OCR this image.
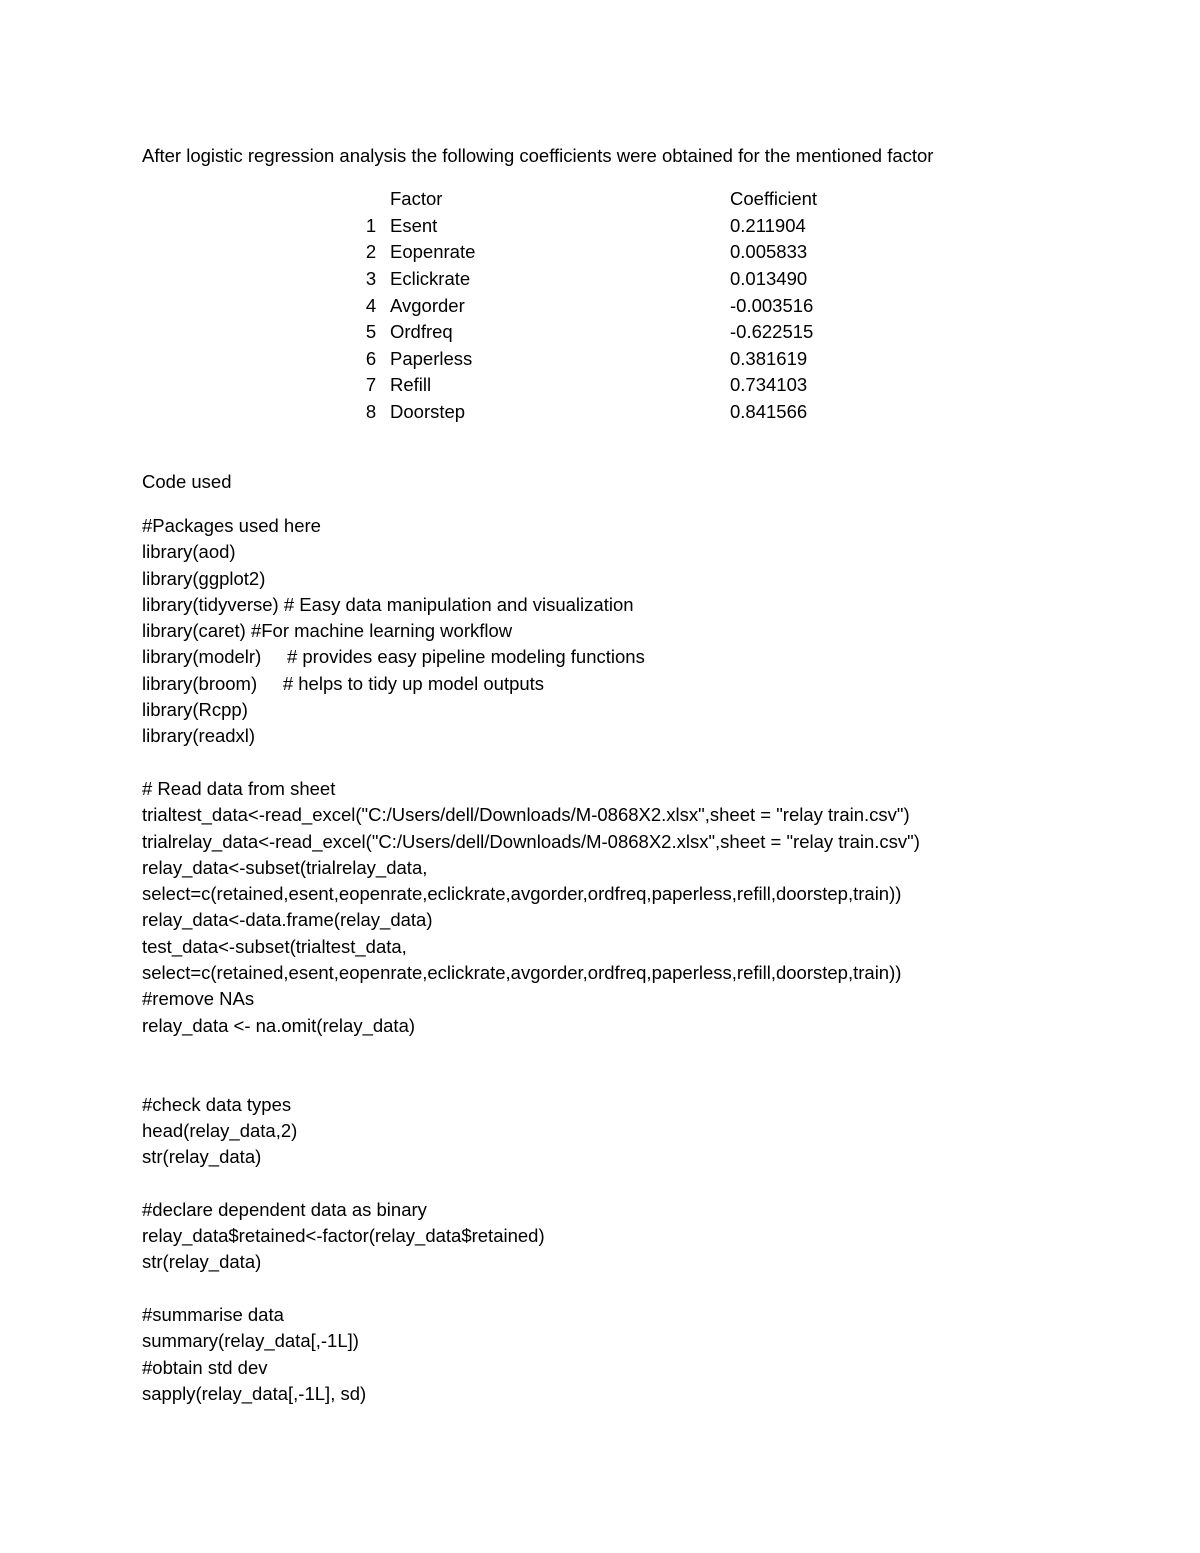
After logistic regression analysis the following coefficients were obtained for the mentioned factor
	Factor	Coefficient
1	Esent	0.211904
2	Eopenrate	0.005833
3	Eclickrate	0.013490
4	Avgorder	-0.003516
5	Ordfreq	-0.622515
6	Paperless	0.381619
7	Refill	0.734103
8	Doorstep	0.841566
Code used
#Packages used here
library(aod)
library(ggplot2)
library(tidyverse) # Easy data manipulation and visualization
library(caret) #For machine learning workflow
library(modelr)     # provides easy pipeline modeling functions
library(broom)     # helps to tidy up model outputs
library(Rcpp)
library(readxl)
# Read data from sheet
trialtest_data<-read_excel("C:/Users/dell/Downloads/M-0868X2.xlsx",sheet = "relay train.csv")
trialrelay_data<-read_excel("C:/Users/dell/Downloads/M-0868X2.xlsx",sheet = "relay train.csv")
relay_data<-subset(trialrelay_data,
select=c(retained,esent,eopenrate,eclickrate,avgorder,ordfreq,paperless,refill,doorstep,train))
relay_data<-data.frame(relay_data)
test_data<-subset(trialtest_data,
select=c(retained,esent,eopenrate,eclickrate,avgorder,ordfreq,paperless,refill,doorstep,train))
#remove NAs
relay_data <- na.omit(relay_data)
#check data types
head(relay_data,2)
str(relay_data)
#declare dependent data as binary
relay_data$retained<-factor(relay_data$retained)
str(relay_data)
#summarise data
summary(relay_data[,-1L])
#obtain std dev
sapply(relay_data[,-1L], sd)
